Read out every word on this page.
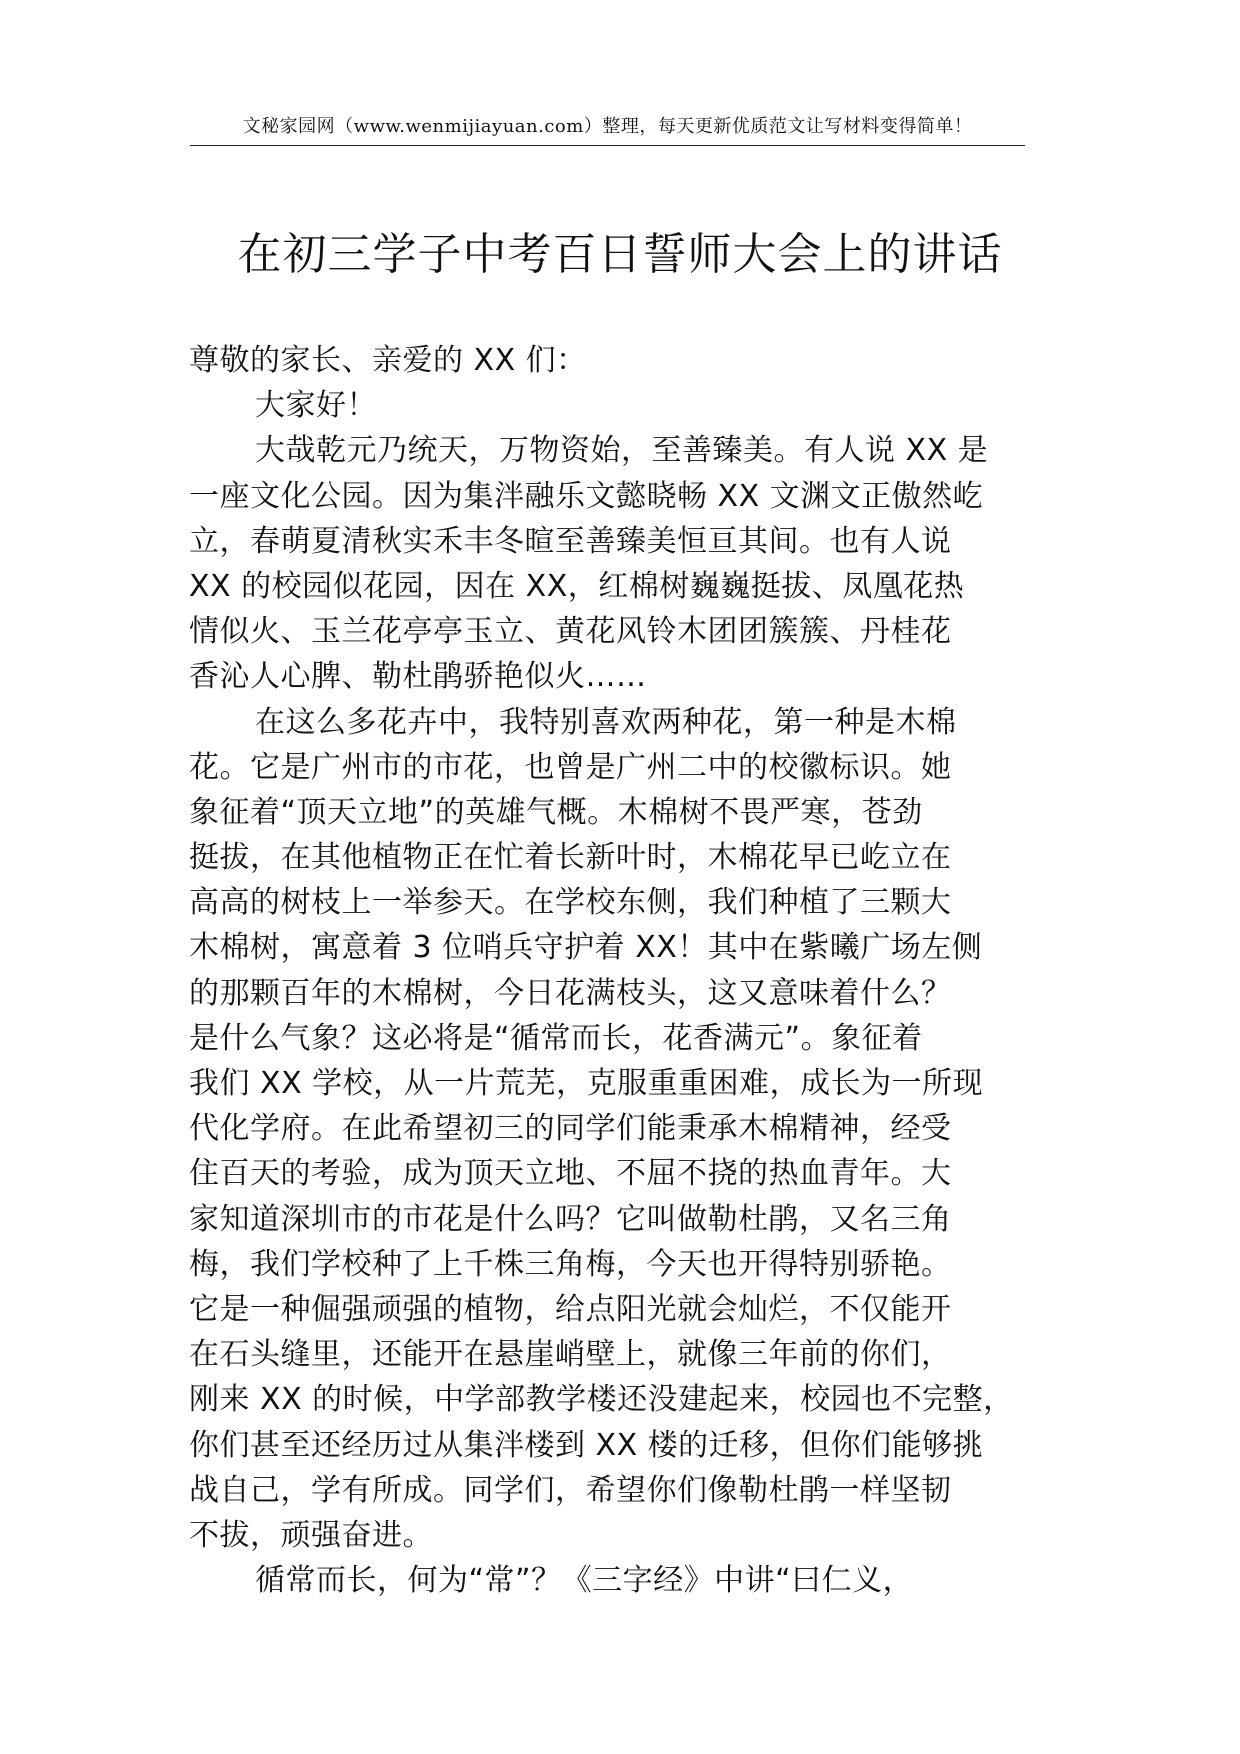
文秘家园网（www.wenmijiayuan.com）整理，每天更新优质范文让写材料变得简单！
在初三学子中考百日誓师大会上的讲话
尊敬的家长、亲爱的 XX 们：
大家好！
大哉乾元乃统天，万物资始，至善臻美。有人说 XX 是
一座文化公园。因为集泮融乐文懿晓畅 XX 文渊文正傲然屹
立，春萌夏清秋实禾丰冬暄至善臻美恒亘其间。也有人说
XX 的校园似花园，因在 XX，红棉树巍巍挺拔、凤凰花热
情似火、玉兰花亭亭玉立、黄花风铃木团团簇簇、丹桂花
香沁人心脾、勒杜鹃骄艳似火……
在这么多花卉中，我特别喜欢两种花，第一种是木棉
花。它是广州市的市花，也曾是广州二中的校徽标识。她
象征着“顶天立地”的英雄气概。木棉树不畏严寒，苍劲
挺拔，在其他植物正在忙着长新叶时，木棉花早已屹立在
高高的树枝上一举参天。在学校东侧，我们种植了三颗大
木棉树，寓意着 3 位哨兵守护着 XX！其中在紫曦广场左侧
的那颗百年的木棉树，今日花满枝头，这又意味着什么？
是什么气象？这必将是“循常而长，花香满元”。象征着
我们 XX 学校，从一片荒芜，克服重重困难，成长为一所现
代化学府。在此希望初三的同学们能秉承木棉精神，经受
住百天的考验，成为顶天立地、不屈不挠的热血青年。大
家知道深圳市的市花是什么吗？它叫做勒杜鹃，又名三角
梅，我们学校种了上千株三角梅，今天也开得特别骄艳。
它是一种倔强顽强的植物，给点阳光就会灿烂，不仅能开
在石头缝里，还能开在悬崖峭壁上，就像三年前的你们，
刚来 XX 的时候，中学部教学楼还没建起来，校园也不完整，
你们甚至还经历过从集泮楼到 XX 楼的迁移，但你们能够挑
战自己，学有所成。同学们，希望你们像勒杜鹃一样坚韧
不拔，顽强奋进。
循常而长，何为“常”？《三字经》中讲“曰仁义，
